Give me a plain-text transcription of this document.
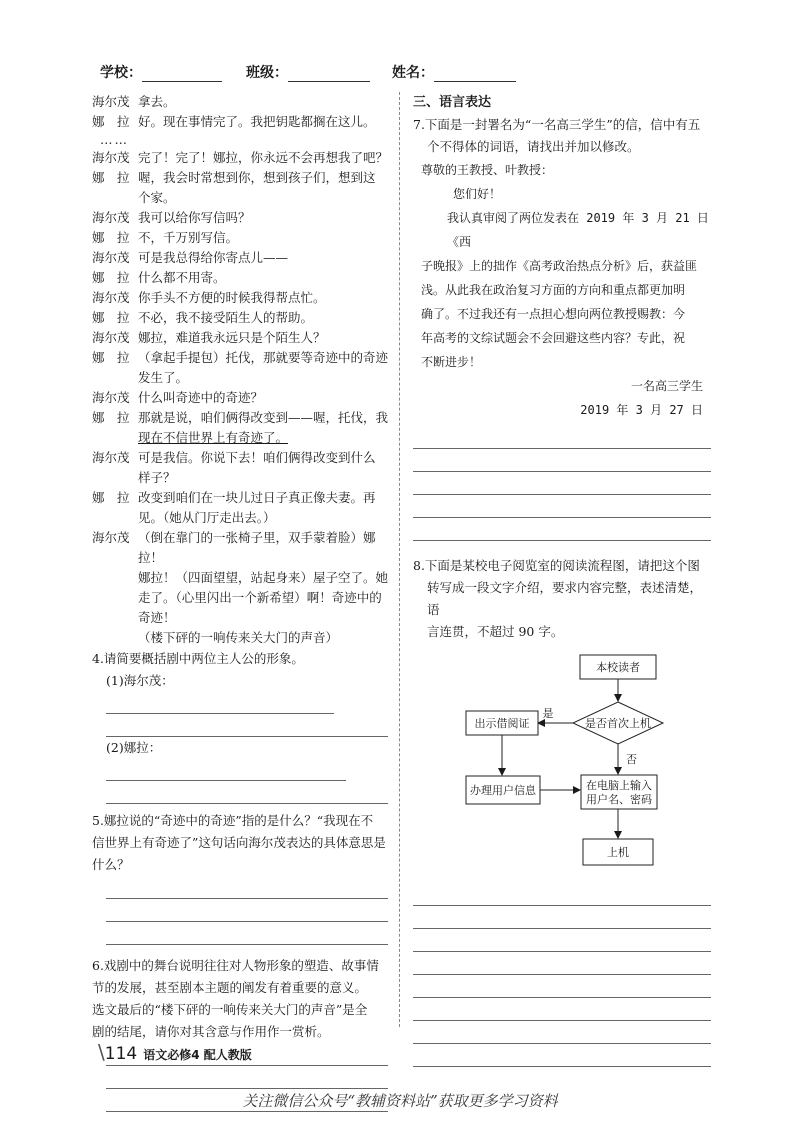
学校：	班级：	姓名：
海尔茂 拿去。
娜　拉 好。现在事情完了。我把钥匙都搁在这儿。
……
海尔茂 完了！完了！娜拉，你永远不会再想我了吧？
娜　拉 喔，我会时常想到你，想到孩子们，想到这
个家。
海尔茂 我可以给你写信吗？
娜　拉 不，千万别写信。
海尔茂 可是我总得给你寄点儿——
娜　拉 什么都不用寄。
海尔茂 你手头不方便的时候我得帮点忙。
娜　拉 不必，我不接受陌生人的帮助。
海尔茂 娜拉，难道我永远只是个陌生人？
娜　拉 （拿起手提包）托伐，那就要等奇迹中的奇迹
发生了。
海尔茂 什么叫奇迹中的奇迹？
娜　拉 那就是说，咱们俩得改变到——喔，托伐，我
现在不信世界上有奇迹了。
海尔茂 可是我信。你说下去！咱们俩得改变到什么
样子？
娜　拉 改变到咱们在一块儿过日子真正像夫妻。再
见。（她从门厅走出去。）
海尔茂 （倒在靠门的一张椅子里，双手蒙着脸）娜拉！
娜拉！（四面望望，站起身来）屋子空了。她
走了。（心里闪出一个新希望）啊！奇迹中的
奇迹！
（楼下砰的一响传来关大门的声音）
4.请简要概括剧中两位主人公的形象。
(1)海尔茂：
(2)娜拉：
5.娜拉说的“奇迹中的奇迹”指的是什么？“我现在不
信世界上有奇迹了”这句话向海尔茂表达的具体意思是
什么？
6.戏剧中的舞台说明往往对人物形象的塑造、故事情
节的发展，甚至剧本主题的阐发有着重要的意义。
选文最后的“楼下砰的一响传来关大门的声音”是全
剧的结尾，请你对其含意与作用作一赏析。
三、语言表达
7.下面是一封署名为“一名高三学生”的信，信中有五
个不得体的词语，请找出并加以修改。

尊敬的王教授、叶教授：

您们好！

我认真审阅了两位发表在 2019 年 3 月 21 日《西

子晚报》上的拙作《高考政治热点分析》后，获益匪

浅。从此我在政治复习方面的方向和重点都更加明

确了。不过我还有一点担心想向两位教授赐教：今

年高考的文综试题会不会回避这些内容？专此，祝

不断进步！

一名高三学生

2019 年 3 月 27 日

8.下面是某校电子阅览室的阅读流程图，请把这个图
转写成一段文字介绍，要求内容完整，表述清楚，语
言连贯，不超过 90 字。
本校读者
是否首次上机
是
出示借阅证
否
办理用户信息	在电脑上输入
用户名、密码
上机
\114 语文必修4 配人教版
关注微信公众号“教辅资料站”获取更多学习资料
